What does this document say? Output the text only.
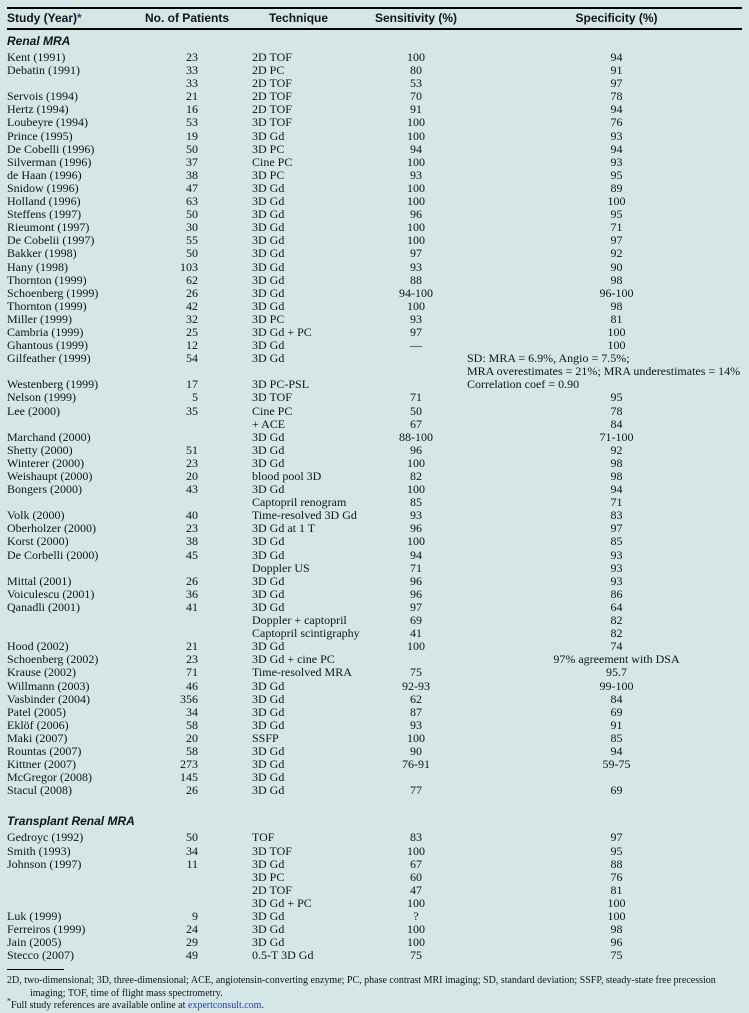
Study (Year)*	No. of Patients	Technique	Sensitivity (%)	Specificity (%)
Renal MRA				
Kent (1991)	23	2D TOF	100	94
Debatin (1991)	33	2D PC	80	91
	33	2D TOF	53	97
Servois (1994)	21	2D TOF	70	78
Hertz (1994)	16	2D TOF	91	94
Loubeyre (1994)	53	3D TOF	100	76
Prince (1995)	19	3D Gd	100	93
De Cobelli (1996)	50	3D PC	94	94
Silverman (1996)	37	Cine PC	100	93
de Haan (1996)	38	3D PC	93	95
Snidow (1996)	47	3D Gd	100	89
Holland (1996)	63	3D Gd	100	100
Steffens (1997)	50	3D Gd	96	95
Rieumont (1997)	30	3D Gd	100	71
De Cobelii (1997)	55	3D Gd	100	97
Bakker (1998)	50	3D Gd	97	92
Hany (1998)	103	3D Gd	93	90
Thornton (1999)	62	3D Gd	88	98
Schoenberg (1999)	26	3D Gd	94-100	96-100
Thornton (1999)	42	3D Gd	100	98
Miller (1999)	32	3D PC	93	81
Cambria (1999)	25	3D Gd + PC	97	100
Ghantous (1999)	12	3D Gd	—	100
Gilfeather (1999)	54	3D Gd		SD: MRA = 6.9%, Angio = 7.5%;
				MRA overestimates = 21%; MRA underestimates = 14%
Westenberg (1999)	17	3D PC-PSL		Correlation coef = 0.90
Nelson (1999)	5	3D TOF	71	95
Lee (2000)	35	Cine PC	50	78
		+ ACE	67	84
Marchand (2000)		3D Gd	88-100	71-100
Shetty (2000)	51	3D Gd	96	92
Winterer (2000)	23	3D Gd	100	98
Weishaupt (2000)	20	blood pool 3D	82	98
Bongers (2000)	43	3D Gd	100	94
		Captopril renogram	85	71
Volk (2000)	40	Time-resolved 3D Gd	93	83
Oberholzer (2000)	23	3D Gd at 1 T	96	97
Korst (2000)	38	3D Gd	100	85
De Corbelli (2000)	45	3D Gd	94	93
		Doppler US	71	93
Mittal (2001)	26	3D Gd	96	93
Voiculescu (2001)	36	3D Gd	96	86
Qanadli (2001)	41	3D Gd	97	64
		Doppler + captopril	69	82
		Captopril scintigraphy	41	82
Hood (2002)	21	3D Gd	100	74
Schoenberg (2002)	23	3D Gd + cine PC		97% agreement with DSA
Krause (2002)	71	Time-resolved MRA	75	95.7
Willmann (2003)	46	3D Gd	92-93	99-100
Vasbinder (2004)	356	3D Gd	62	84
Patel (2005)	34	3D Gd	87	69
Eklöf (2006)	58	3D Gd	93	91
Maki (2007)	20	SSFP	100	85
Rountas (2007)	58	3D Gd	90	94
Kittner (2007)	273	3D Gd	76-91	59-75
McGregor (2008)	145	3D Gd		
Stacul (2008)	26	3D Gd	77	69

Transplant Renal MRA				
Gedroyc (1992)	50	TOF	83	97
Smith (1993)	34	3D TOF	100	95
Johnson (1997)	11	3D Gd	67	88
		3D PC	60	76
		2D TOF	47	81
		3D Gd + PC	100	100
Luk (1999)	9	3D Gd	?	100
Ferreiros (1999)	24	3D Gd	100	98
Jain (2005)	29	3D Gd	100	96
Stecco (2007)	49	0.5-T 3D Gd	75	75

2D, two-dimensional; 3D, three-dimensional; ACE, angiotensin-converting enzyme; PC, phase contrast MRI imaging; SD, standard deviation; SSFP, steady-state free precession imaging; TOF, time of flight mass spectrometry.

*Full study references are available online at expertconsult.com.
